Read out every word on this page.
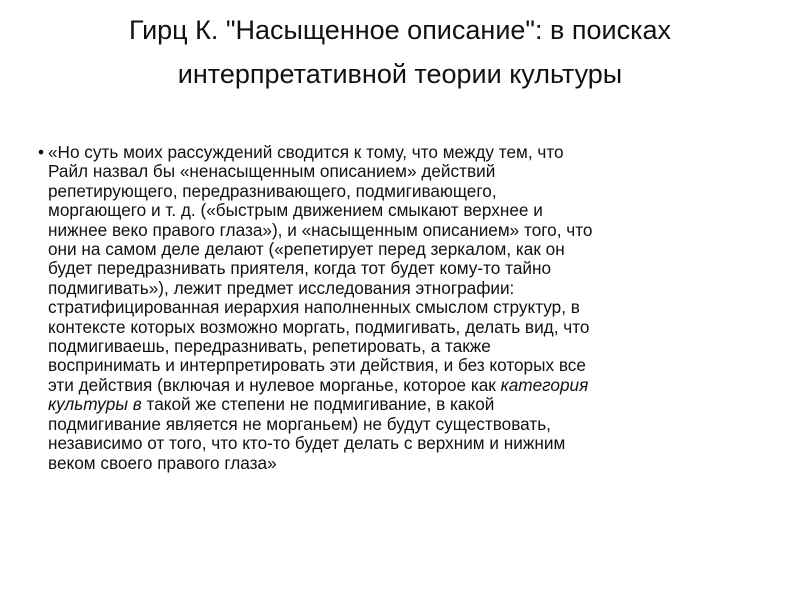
Гирц К. "Насыщенное описание": в поисках
интерпретативной теории культуры
• «Но суть моих рассуждений сводится к тому, что между тем, что
Райл назвал бы «ненасыщенным описанием» действий
репетирующего, передразнивающего, подмигивающего,
моргающего и т. д. («быстрым движением смыкают верхнее и
нижнее веко правого глаза»), и «насыщенным описанием» того, что
они на самом деле делают («репетирует перед зеркалом, как он
будет передразнивать приятеля, когда тот будет кому-то тайно
подмигивать»), лежит предмет исследования этнографии:
стратифицированная иерархия наполненных смыслом структур, в
контексте которых возможно моргать, подмигивать, делать вид, что
подмигиваешь, передразнивать, репетировать, а также
воспринимать и интерпретировать эти действия, и без которых все
эти действия (включая и нулевое морганье, которое как категория
культуры в такой же степени не подмигивание, в какой
подмигивание является не морганьем) не будут существовать,
независимо от того, что кто-то будет делать с верхним и нижним
веком своего правого глаза»
